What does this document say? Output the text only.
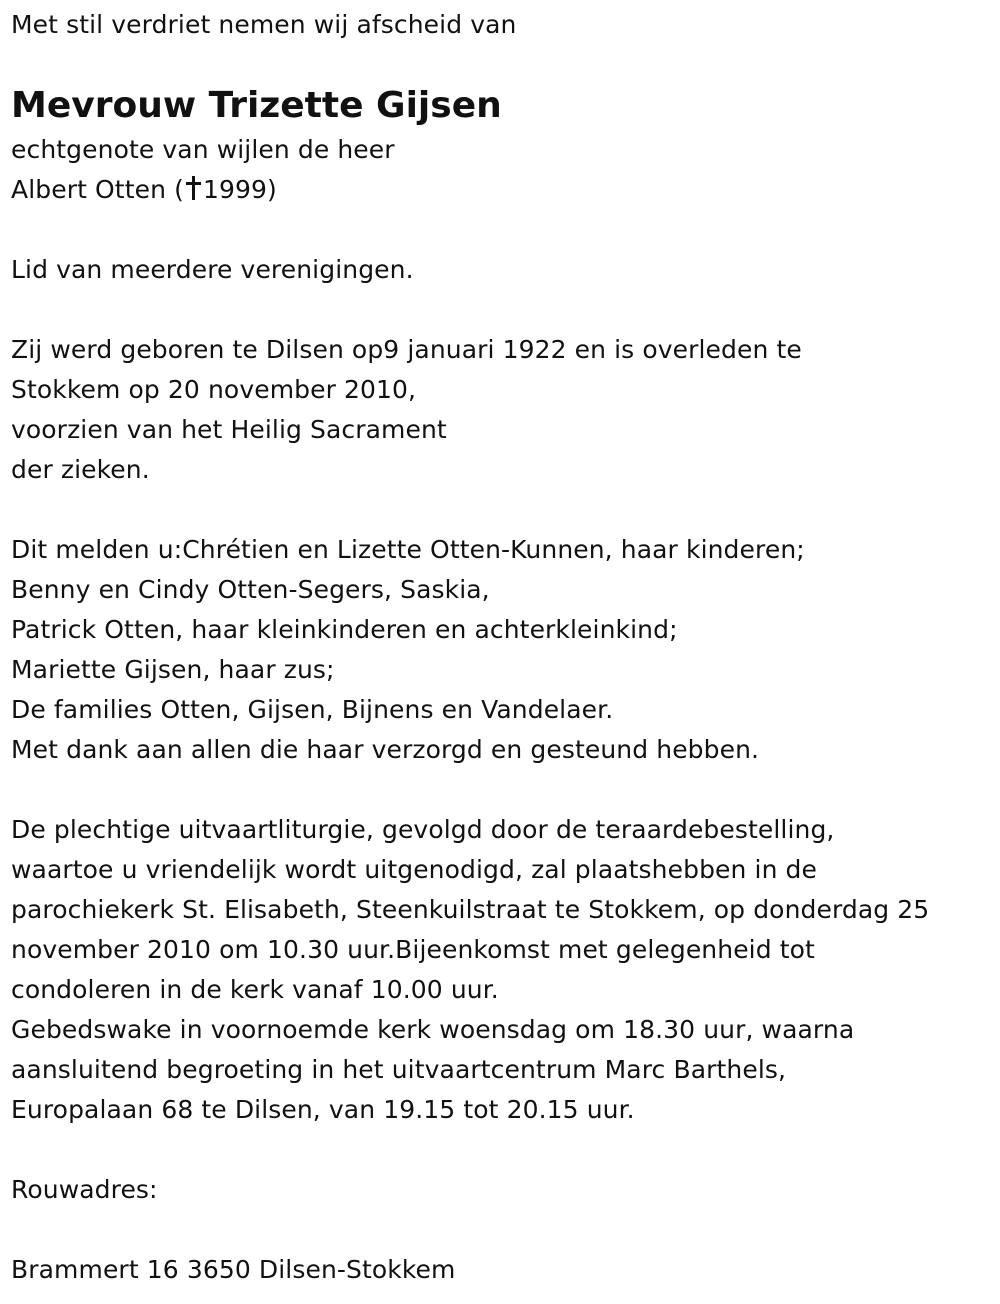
Met stil verdriet nemen wij afscheid van
Mevrouw Trizette Gijsen
echtgenote van wijlen de heer
Albert Otten ( 1999)
Lid van meerdere verenigingen.
Zij werd geboren te Dilsen op9 januari 1922 en is overleden te
Stokkem op 20 november 2010,
voorzien van het Heilig Sacrament
der zieken.
Dit melden u:Chrétien en Lizette Otten-Kunnen, haar kinderen;
Benny en Cindy Otten-Segers, Saskia,
Patrick Otten, haar kleinkinderen en achterkleinkind;
Mariette Gijsen, haar zus;
De families Otten, Gijsen, Bijnens en Vandelaer.
Met dank aan allen die haar verzorgd en gesteund hebben.
De plechtige uitvaartliturgie, gevolgd door de teraardebestelling,
waartoe u vriendelijk wordt uitgenodigd, zal plaatshebben in de
parochiekerk St. Elisabeth, Steenkuilstraat te Stokkem, op donderdag 25
november 2010 om 10.30 uur.Bijeenkomst met gelegenheid tot
condoleren in de kerk vanaf 10.00 uur.
Gebedswake in voornoemde kerk woensdag om 18.30 uur, waarna
aansluitend begroeting in het uitvaartcentrum Marc Barthels,
Europalaan 68 te Dilsen, van 19.15 tot 20.15 uur.
Rouwadres:
Brammert 16 3650 Dilsen-Stokkem
